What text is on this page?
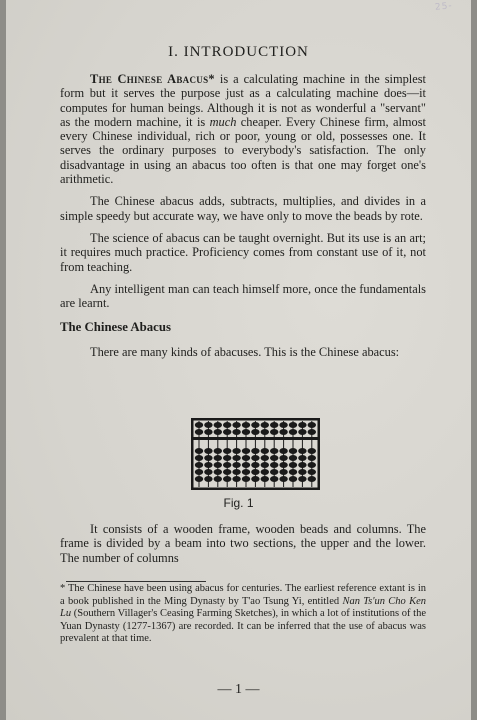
25-
I. INTRODUCTION

The Chinese Abacus* is a calculating machine in the simplest form but it serves the purpose just as a calculating machine does—it computes for human beings. Although it is not as wonderful a "servant" as the modern machine, it is much cheaper. Every Chinese firm, almost every Chinese individual, rich or poor, young or old, possesses one. It serves the ordinary purposes to everybody's satisfaction. The only disadvantage in using an abacus too often is that one may forget one's arithmetic.

The Chinese abacus adds, subtracts, multiplies, and divides in a simple speedy but accurate way, we have only to move the beads by rote.

The science of abacus can be taught overnight. But its use is an art; it requires much practice. Proficiency comes from constant use of it, not from teaching.

Any intelligent man can teach himself more, once the fundamentals are learnt.

The Chinese Abacus

There are many kinds of abacuses. This is the Chinese abacus:

Fig. 1

It consists of a wooden frame, wooden beads and columns. The frame is divided by a beam into two sections, the upper and the lower. The number of columns

* The Chinese have been using abacus for centuries. The earliest reference extant is in a book published in the Ming Dynasty by T'ao Tsung Yi, entitled Nan Ts'un Cho Ken Lu (Southern Villager's Ceasing Farming Sketches), in which a lot of institutions of the Yuan Dynasty (1277-1367) are recorded. It can be inferred that the use of abacus was prevalent at that time.
— 1 —
